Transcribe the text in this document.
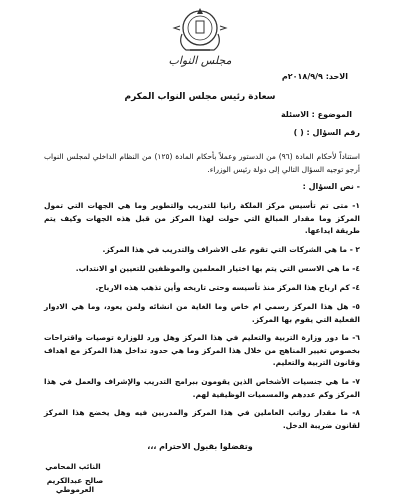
مجلس النواب
الاحد: ٢٠١٨/٩/٩م
سعادة رئيس مجلس النواب المكرم
الموضوع : الاسئلة
رقم السؤال : ( )
استناداً لأحكام المادة (٩٦) من الدستور وعملاً بأحكام المادة (١٢٥) من النظام الداخلي لمجلس النواب أرجو توجيه السؤال التالي إلى دولة رئيس الوزراء.
- نص السؤال :
١- متى تم تأسيس مركز الملكة رانيا للتدريب والتطوير وما هي الجهات التي تمول المركز وما مقدار المبالغ التي حولت لهذا المركز من قبل هذه الجهات وكيف يتم طريقة ايداعها.
٢ - ما هي الشركات التي تقوم على الاشراف والتدريب في هذا المركز.
٤- ما هي الاسس التي يتم بها اختيار المعلمين والموظفين للتعيين او الانتداب.
٤- كم ارباح هذا المركز منذ تأسيسه وحتى تاريخه وأين تذهب هذه الارباح.
٥- هل هذا المركز رسمي ام خاص وما الغاية من انشائه ولمن يعود، وما هي الادوار الفعلية التي يقوم بها المركز.
٦- ما دور وزارة التربية والتعليم في هذا المركز وهل ورد للوزارة توصيات واقتراحات بخصوص تغيير المناهج من خلال هذا المركز وما هي حدود تداخل هذا المركز مع اهداف وقانون التربية والتعليم.
٧- ما هي جنسيات الأشخاص الذين يقومون ببرامج التدريب والإشراف والعمل في هذا المركز وكم عددهم والمسميات الوظيفية لهم.
وتفضلوا بقبول الاحترام ،،،
النائب المحامي
صالح عبدالكريم العرموطي
٨- ما مقدار رواتب العاملين في هذا المركز والمدربين فيه وهل يخضع هذا المركز لقانون ضريبة الدخل.
